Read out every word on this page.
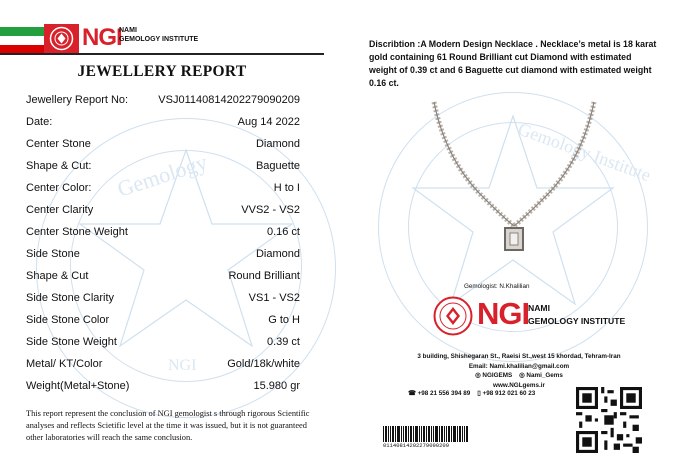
Gemology
NGI
Gemology Institute
NGI
NAMI
GEMOLOGY INSTITUTE
JEWELLERY REPORT
Jewellery Report No:	VSJ01140814202279090209
Date:	Aug 14 2022
Center Stone	Diamond
Shape & Cut:	Baguette
Center Color:	H to I
Center Clarity	VVS2 - VS2
Center Stone Weight	0.16 ct
Side Stone	Diamond
Shape & Cut	Round Brilliant
Side Stone Clarity	VS1 - VS2
Side Stone Color	G to H
Side Stone Weight	0.39 ct
Metal/ KT/Color	Gold/18k/white
Weight(Metal+Stone)	15.980 gr
This report represent the conclusion of NGI gemologist s through rigorous Scientific analyses and reflects Scietific level at the time it was issued, but it is not guaranteed other laboratories will reach the same conclusion.
Discribtion :A Modern Design Necklace . Necklace’s metal is 18 karat gold containing 61 Round Brilliant cut Diamond with estimated weight of 0.39 ct and 6 Baguette cut diamond with estimated weight 0.16 ct.
Gemologist: N.Khalilian
NGI
NAMI
GEMOLOGY INSTITUTE
3 building, Shishegaran St., Raeisi St.,west 15 khordad, Tehram-Iran
Email: Nami.khalilian@gmail.com
◎ NGIGEMS ◎ Nami_Gems
www.NGLgems.ir
☎ +98 21 556 394 89 ▯ +98 912 021 60 23
01140814202279090209
